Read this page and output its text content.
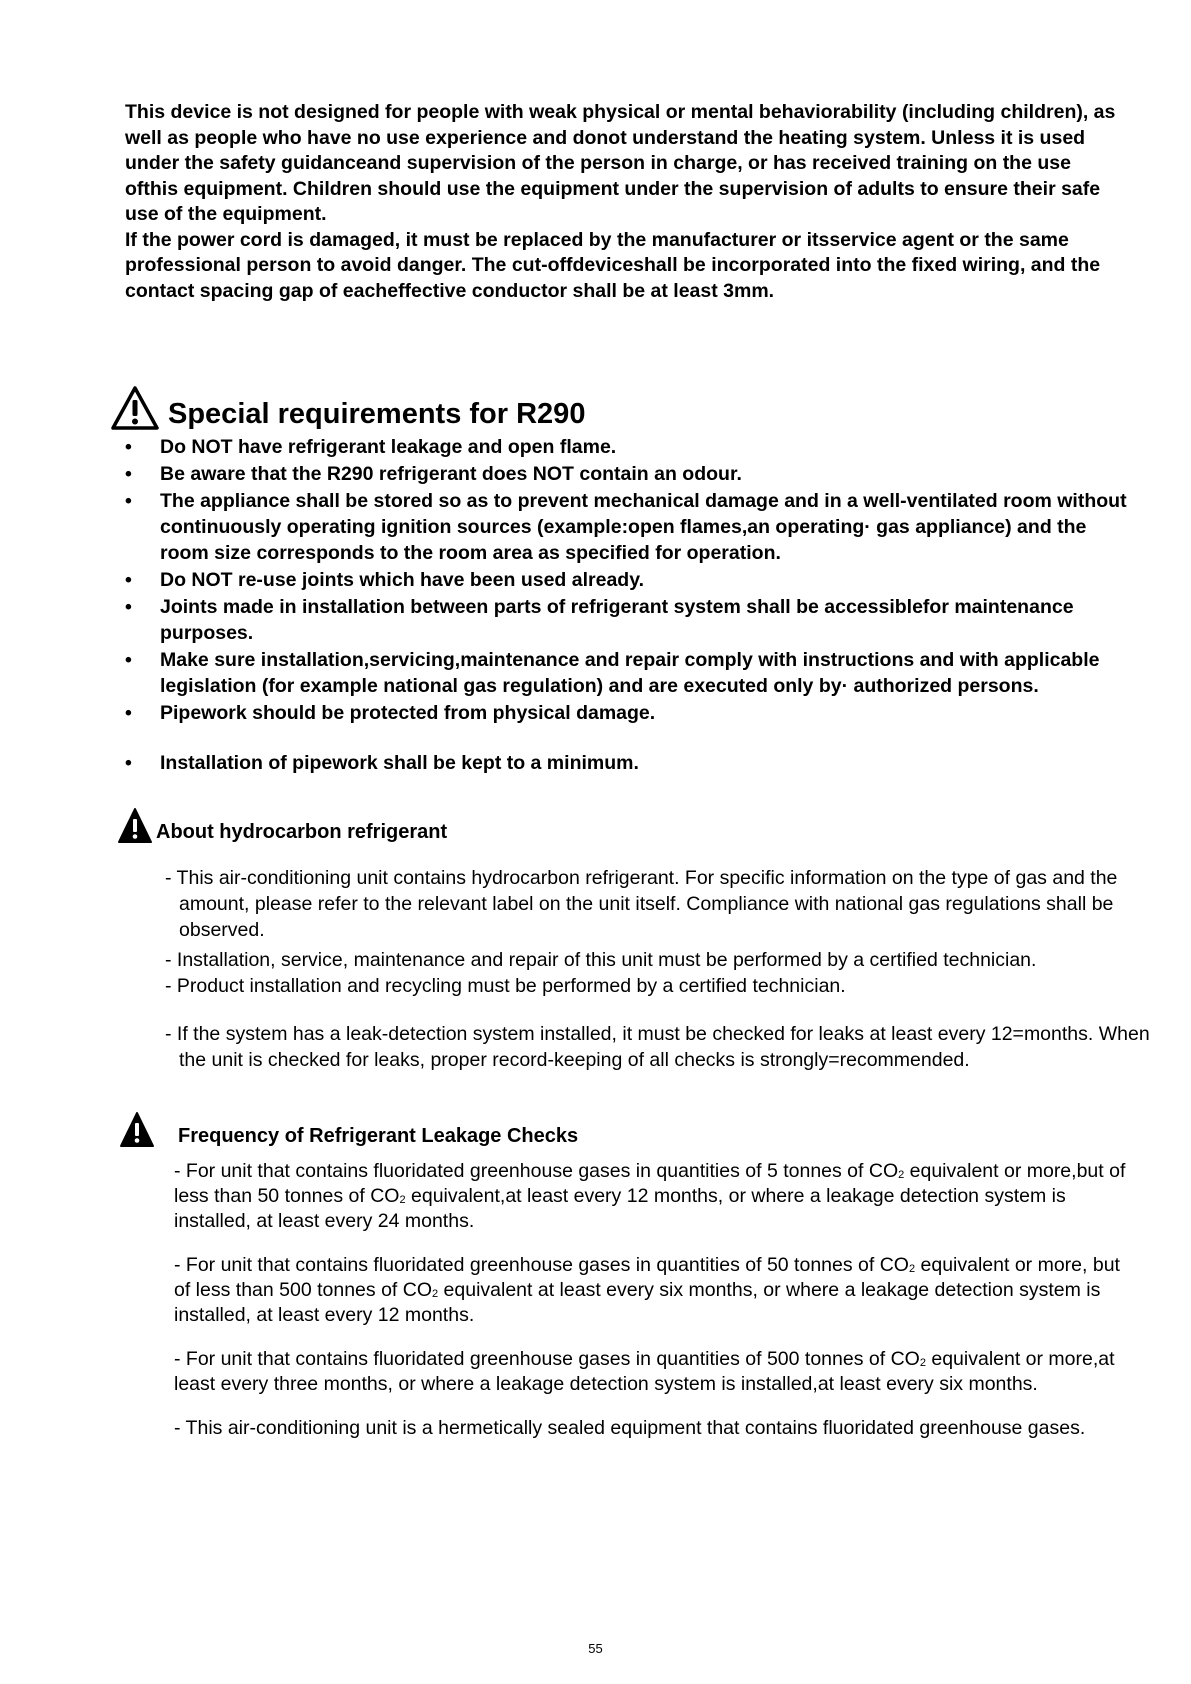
This device is not designed for people with weak physical or mental behaviorability (including children), as well as people who have no use experience and donot understand the heating system. Unless it is used under the safety guidanceand supervision of the person in charge, or has received training on the use ofthis equipment. Children should use the equipment under the supervision of adults to ensure their safe use of the equipment.

If the power cord is damaged, it must be replaced by the manufacturer or itsservice agent or the same professional person to avoid danger. The cut-offdeviceshall be incorporated into the fixed wiring, and the contact spacing gap of eacheffective conductor shall be at least 3mm.

Special requirements for R290
• Do NOT have refrigerant leakage and open flame.
• Be aware that the R290 refrigerant does NOT contain an odour.
• The appliance shall be stored so as to prevent mechanical damage and in a well-ventilated room without continuously operating ignition sources (example:open flames,an operating· gas appliance) and the room size corresponds to the room area as specified for operation.
• Do NOT re-use joints which have been used already.
• Joints made in installation between parts of refrigerant system shall be accessiblefor maintenance purposes.
• Make sure installation,servicing,maintenance and repair comply with instructions and with applicable legislation (for example national gas regulation) and are executed only by· authorized persons.
• Pipework should be protected from physical damage.
• Installation of pipework shall be kept to a minimum.
About hydrocarbon refrigerant

- This air-conditioning unit contains hydrocarbon refrigerant. For specific information on the type of gas and the amount, please refer to the relevant label on the unit itself. Compliance with national gas regulations shall be observed.

- Installation, service, maintenance and repair of this unit must be performed by a certified technician.

- Product installation and recycling must be performed by a certified technician.

- If the system has a leak-detection system installed, it must be checked for leaks at least every 12=months. When the unit is checked for leaks, proper record-keeping of all checks is strongly=recommended.

Frequency of Refrigerant Leakage Checks

- For unit that contains fluoridated greenhouse gases in quantities of 5 tonnes of $CO_2$ equivalent or more,but of less than 50 tonnes of $CO_2$ equivalent,at least every 12 months, or where a leakage detection system is installed, at least every 24 months.

- For unit that contains fluoridated greenhouse gases in quantities of 50 tonnes of $CO_2$ equivalent or more, but of less than 500 tonnes of $CO_2$ equivalent at least every six months, or where a leakage detection system is installed, at least every 12 months.

- For unit that contains fluoridated greenhouse gases in quantities of 500 tonnes of $CO_2$ equivalent or more,at least every three months, or where a leakage detection system is installed,at least every six months.

- This air-conditioning unit is a hermetically sealed equipment that contains fluoridated greenhouse gases.

55
